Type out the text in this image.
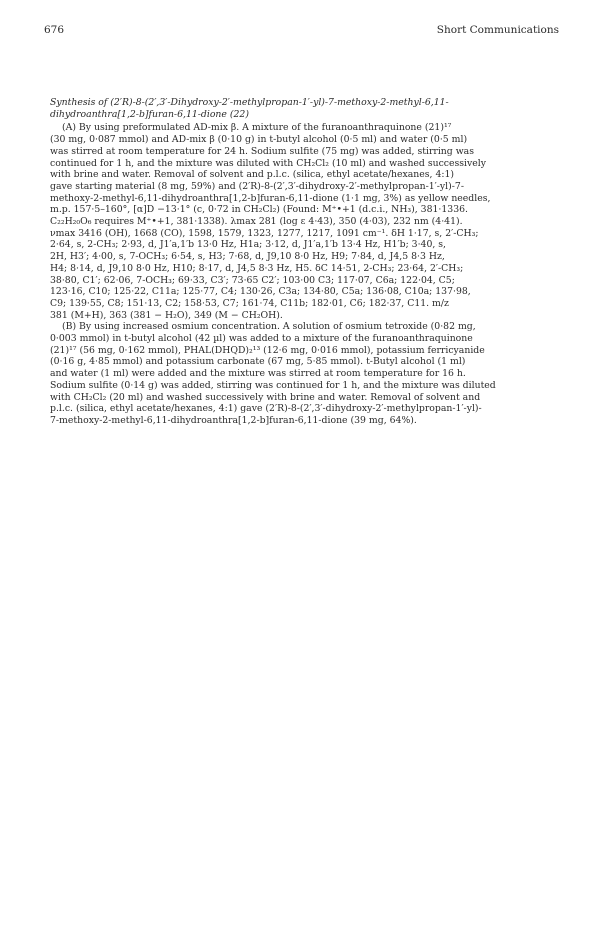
676	Short Communications
Synthesis of (2′R)-8-(2′,3′-Dihydroxy-2′-methylpropan-1′-yl)-7-methoxy-2-methyl-6,11-
dihydroanthra[1,2-b]furan-6,11-dione (22)
(A) By using preformulated AD-mix β. A mixture of the furanoanthraquinone (21)¹⁷
(30 mg, 0·087 mmol) and AD-mix β (0·10 g) in t-butyl alcohol (0·5 ml) and water (0·5 ml)
was stirred at room temperature for 24 h. Sodium sulfite (75 mg) was added, stirring was
continued for 1 h, and the mixture was diluted with CH₂Cl₂ (10 ml) and washed successively
with brine and water. Removal of solvent and p.l.c. (silica, ethyl acetate/hexanes, 4:1)
gave starting material (8 mg, 59%) and (2′R)-8-(2′,3′-dihydroxy-2′-methylpropan-1′-yl)-7-
methoxy-2-methyl-6,11-dihydroanthra[1,2-b]furan-6,11-dione (1·1 mg, 3%) as yellow needles,
m.p. 157·5–160°, [α]D −13·1° (c, 0·72 in CH₂Cl₂) (Found: M⁺•+1 (d.c.i., NH₃), 381·1336.
C₂₂H₂₀O₆ requires M⁺•+1, 381·1338). λmax 281 (log ε 4·43), 350 (4·03), 232 nm (4·41).
νmax 3416 (OH), 1668 (CO), 1598, 1579, 1323, 1277, 1217, 1091 cm⁻¹. δH 1·17, s, 2′-CH₃;
2·64, s, 2-CH₃; 2·93, d, J1′a,1′b 13·0 Hz, H1a; 3·12, d, J1′a,1′b 13·4 Hz, H1′b; 3·40, s,
2H, H3′; 4·00, s, 7-OCH₃; 6·54, s, H3; 7·68, d, J9,10 8·0 Hz, H9; 7·84, d, J4,5 8·3 Hz,
H4; 8·14, d, J9,10 8·0 Hz, H10; 8·17, d, J4,5 8·3 Hz, H5. δC 14·51, 2-CH₃; 23·64, 2′-CH₃;
38·80, C1′; 62·06, 7-OCH₃; 69·33, C3′; 73·65 C2′; 103·00 C3; 117·07, C6a; 122·04, C5;
123·16, C10; 125·22, C11a; 125·77, C4; 130·26, C3a; 134·80, C5a; 136·08, C10a; 137·98,
C9; 139·55, C8; 151·13, C2; 158·53, C7; 161·74, C11b; 182·01, C6; 182·37, C11. m/z
381 (M+H), 363 (381 − H₂O), 349 (M − CH₂OH).
(B) By using increased osmium concentration. A solution of osmium tetroxide (0·82 mg,
0·003 mmol) in t-butyl alcohol (42 µl) was added to a mixture of the furanoanthraquinone
(21)¹⁷ (56 mg, 0·162 mmol), PHAL(DHQD)₂¹³ (12·6 mg, 0·016 mmol), potassium ferricyanide
(0·16 g, 4·85 mmol) and potassium carbonate (67 mg, 5·85 mmol). t-Butyl alcohol (1 ml)
and water (1 ml) were added and the mixture was stirred at room temperature for 16 h.
Sodium sulfite (0·14 g) was added, stirring was continued for 1 h, and the mixture was diluted
with CH₂Cl₂ (20 ml) and washed successively with brine and water. Removal of solvent and
p.l.c. (silica, ethyl acetate/hexanes, 4:1) gave (2′R)-8-(2′,3′-dihydroxy-2′-methylpropan-1′-yl)-
7-methoxy-2-methyl-6,11-dihydroanthra[1,2-b]furan-6,11-dione (39 mg, 64%).
